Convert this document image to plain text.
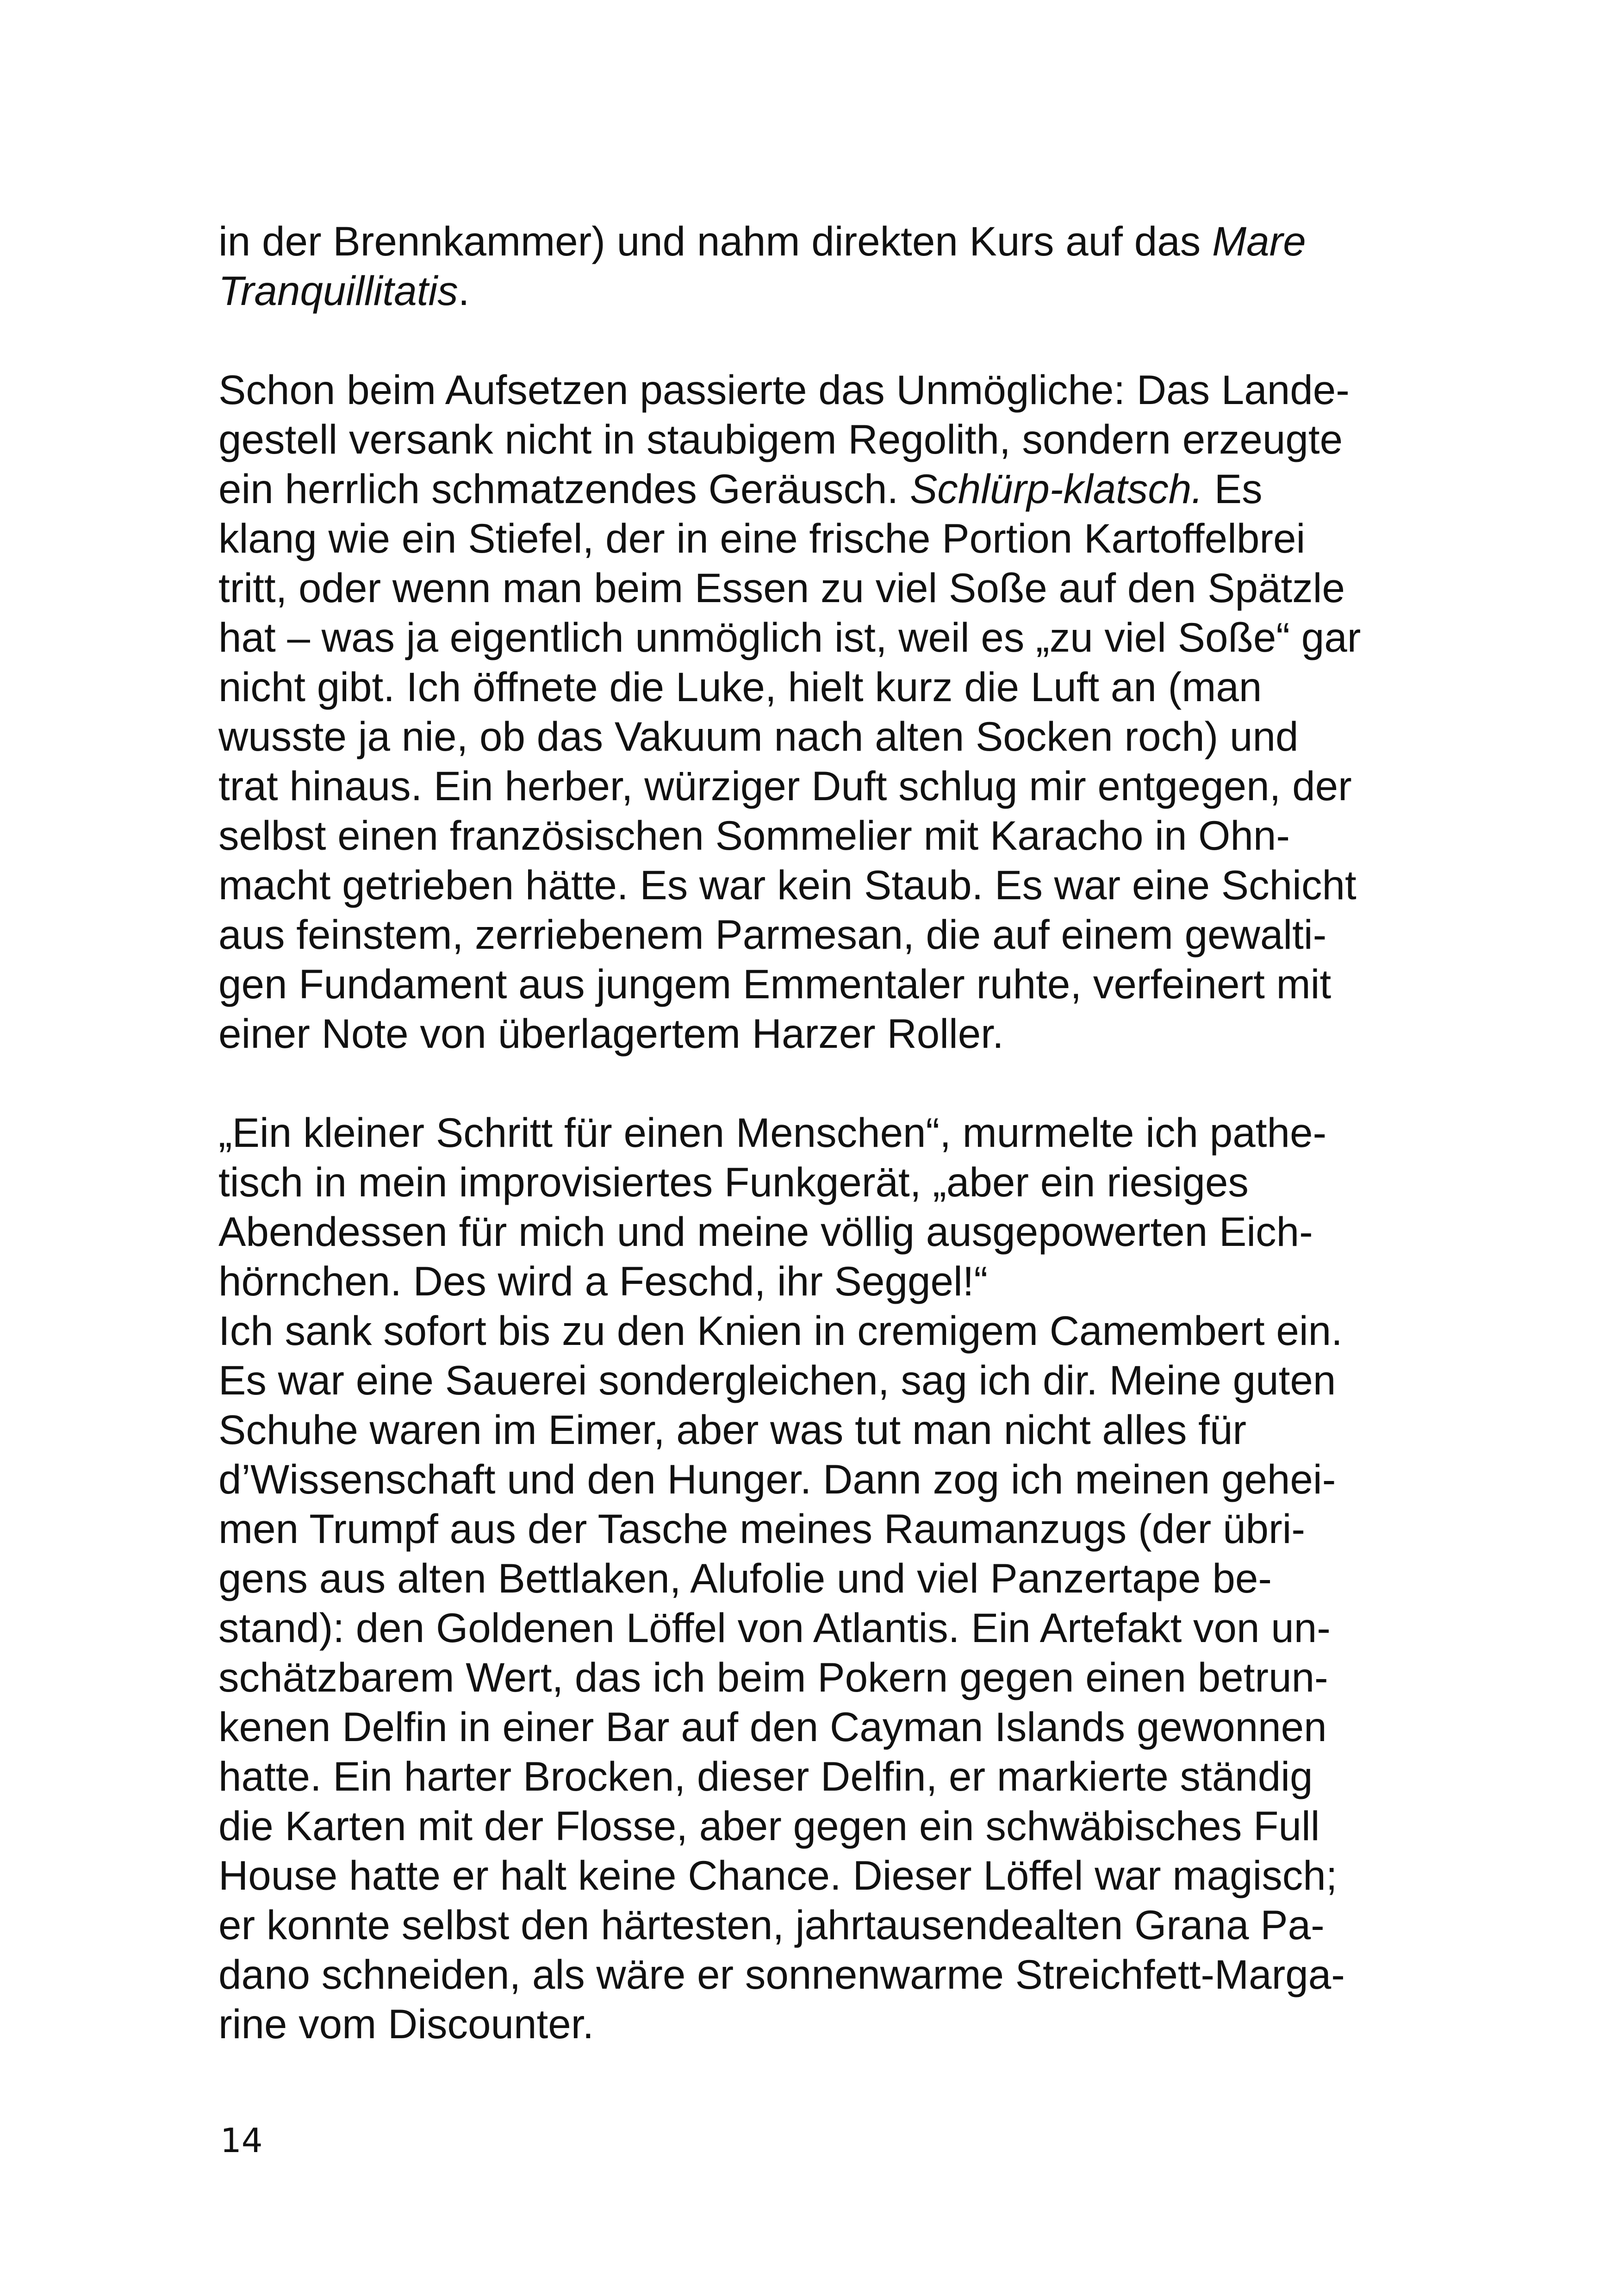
in der Brennkammer) und nahm direkten Kurs auf das Mare
Tranquillitatis.
Schon beim Aufsetzen passierte das Unmögliche: Das Lande-
gestell versank nicht in staubigem Regolith, sondern erzeugte
ein herrlich schmatzendes Geräusch. Schlürp-klatsch. Es
klang wie ein Stiefel, der in eine frische Portion Kartoffelbrei
tritt, oder wenn man beim Essen zu viel Soße auf den Spätzle
hat – was ja eigentlich unmöglich ist, weil es „zu viel Soße“ gar
nicht gibt. Ich öffnete die Luke, hielt kurz die Luft an (man
wusste ja nie, ob das Vakuum nach alten Socken roch) und
trat hinaus. Ein herber, würziger Duft schlug mir entgegen, der
selbst einen französischen Sommelier mit Karacho in Ohn-
macht getrieben hätte. Es war kein Staub. Es war eine Schicht
aus feinstem, zerriebenem Parmesan, die auf einem gewalti-
gen Fundament aus jungem Emmentaler ruhte, verfeinert mit
einer Note von überlagertem Harzer Roller.
„Ein kleiner Schritt für einen Menschen“, murmelte ich pathe-
tisch in mein improvisiertes Funkgerät, „aber ein riesiges
Abendessen für mich und meine völlig ausgepowerten Eich-
hörnchen. Des wird a Feschd, ihr Seggel!“
Ich sank sofort bis zu den Knien in cremigem Camembert ein.
Es war eine Sauerei sondergleichen, sag ich dir. Meine guten
Schuhe waren im Eimer, aber was tut man nicht alles für
d’Wissenschaft und den Hunger. Dann zog ich meinen gehei-
men Trumpf aus der Tasche meines Raumanzugs (der übri-
gens aus alten Bettlaken, Alufolie und viel Panzertape be-
stand): den Goldenen Löffel von Atlantis. Ein Artefakt von un-
schätzbarem Wert, das ich beim Pokern gegen einen betrun-
kenen Delfin in einer Bar auf den Cayman Islands gewonnen
hatte. Ein harter Brocken, dieser Delfin, er markierte ständig
die Karten mit der Flosse, aber gegen ein schwäbisches Full
House hatte er halt keine Chance. Dieser Löffel war magisch;
er konnte selbst den härtesten, jahrtausendealten Grana Pa-
dano schneiden, als wäre er sonnenwarme Streichfett-Marga-
rine vom Discounter.
14
